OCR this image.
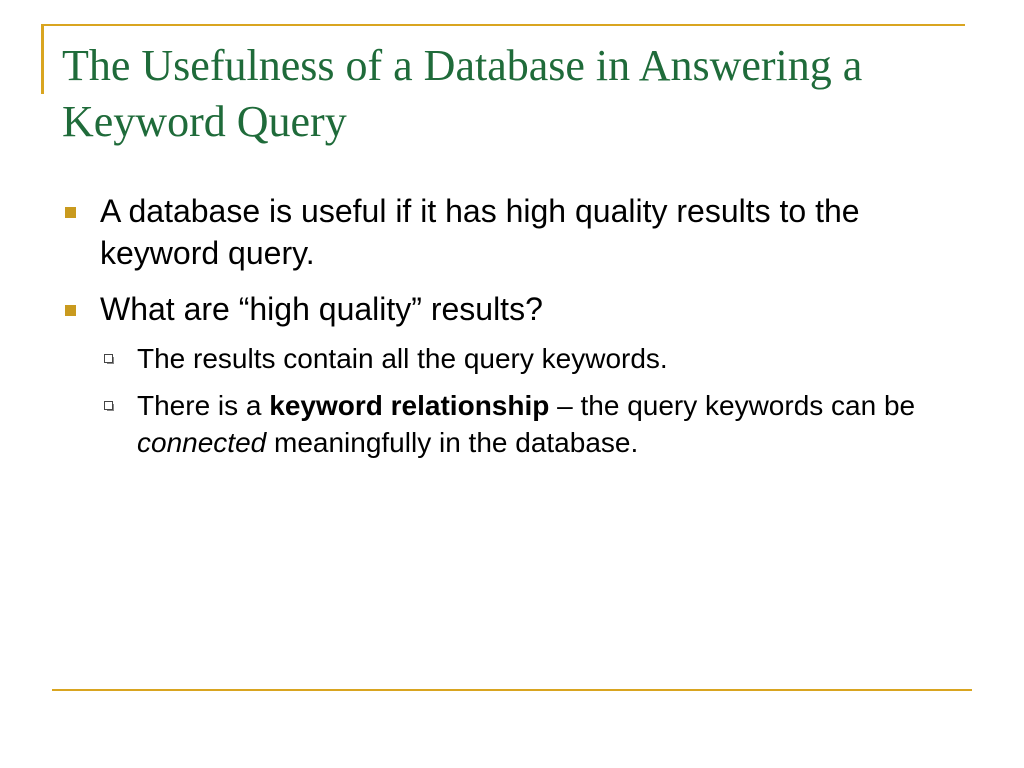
The Usefulness of a Database in Answering a Keyword Query
A database is useful if it has high quality results to the keyword query.
What are “high quality” results?
The results contain all the query keywords.
There is a keyword relationship – the query keywords can be connected meaningfully in the database.
